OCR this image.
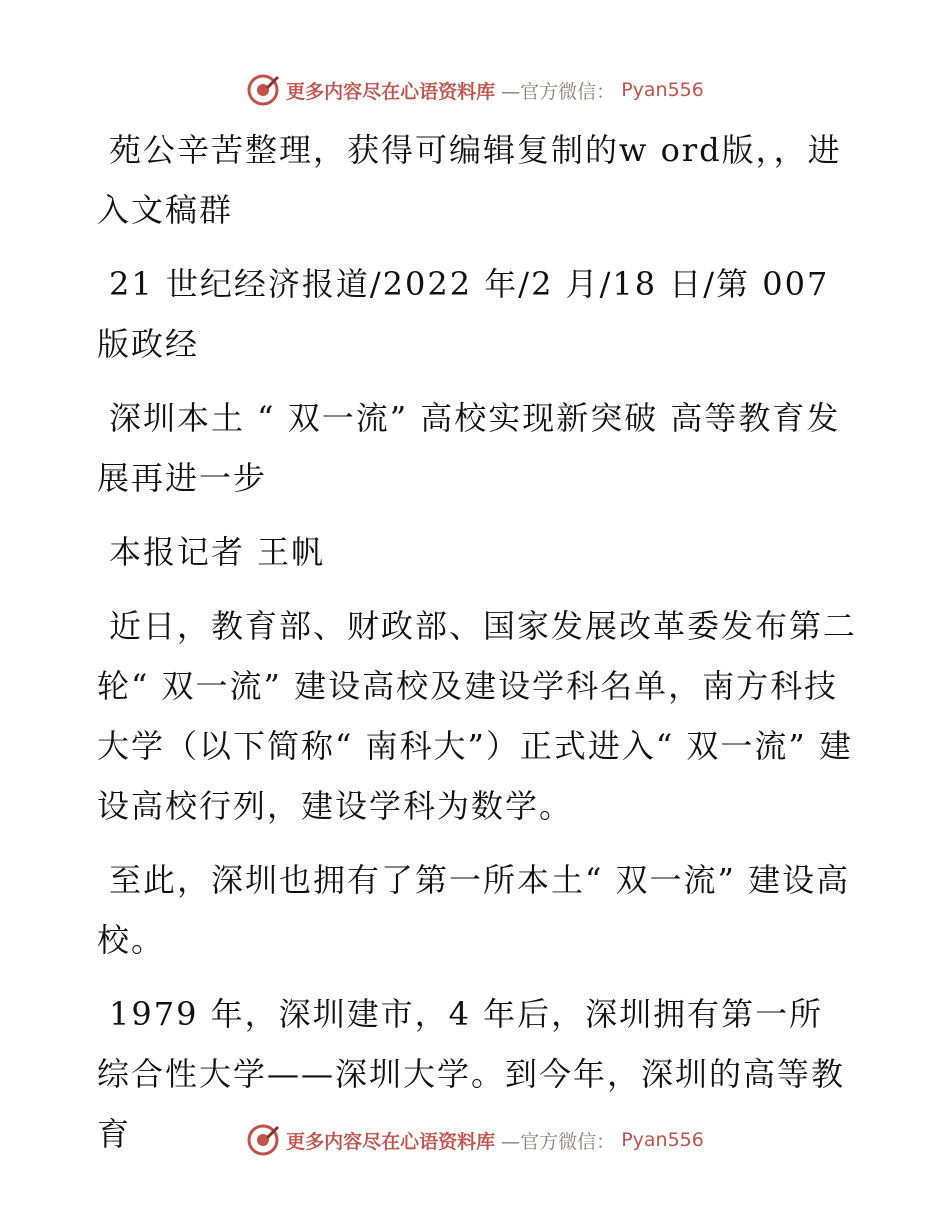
更多内容尽在心语资料库 —官方微信： Pyan556

苑公辛苦整理，获得可编辑复制的w ord版，，进入文稿群

21 世纪经济报道/2022 年/2 月/18 日/第 007 版政经

深圳本土 “ 双一流” 高校实现新突破 高等教育发展再进一步

本报记者 王帆

近日，教育部、财政部、国家发展改革委发布第二轮“ 双一流” 建设高校及建设学科名单，南方科技大学（以下简称“ 南科大”）正式进入“ 双一流” 建设高校行列，建设学科为数学。

至此，深圳也拥有了第一所本土“ 双一流” 建设高校。

1979 年，深圳建市，4 年后，深圳拥有第一所综合性大学——深圳大学。到今年，深圳的高等教育	更多内容尽在心语资料库 —官方微信： Pyan556
